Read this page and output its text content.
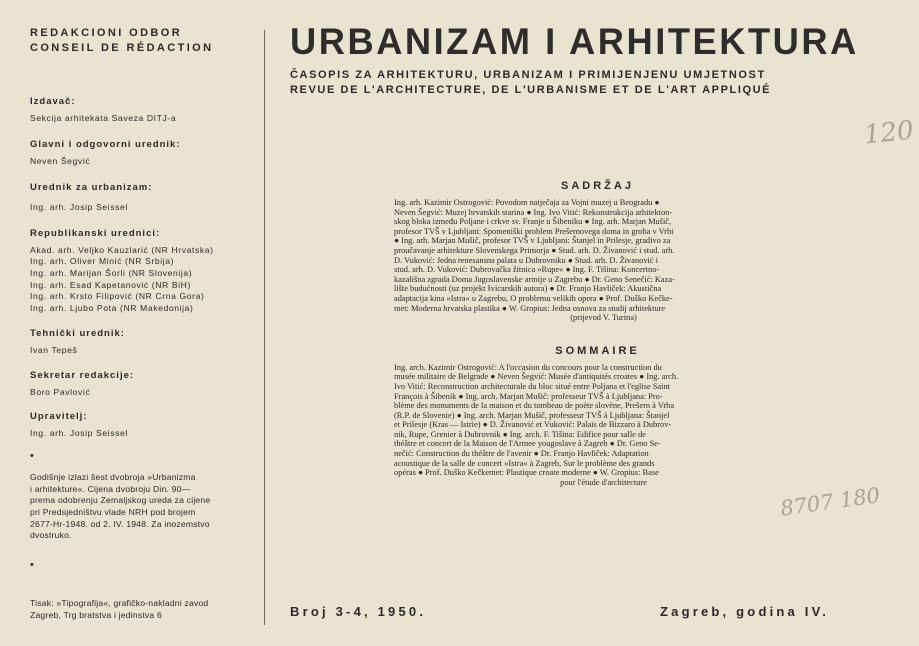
REDAKCIONI ODBOR
CONSEIL DE RÉDACTION
Izdavač:
Sekcija arhitekata Saveza DITJ-a
Glavni i odgovorni urednik:
Neven Šegvić
Urednik za urbanizam:
Ing. arh. Josip Seissel
Republikanski urednici:
Akad. arh. Veljko Kauzlarić (NR Hrvatska)
Ing. arh. Oliver Minić (NR Srbija)
Ing. arh. Marijan Šorli (NR Slovenija)
Ing. arh. Esad Kapetanović (NR BiH)
Ing. arh. Krsto Filipović (NR Crna Gora)
Ing. arh. Ljubo Pota (NR Makedonija)
Tehnički urednik:
Ivan Tepeš
Sekretar redakcije:
Boro Pavlović
Upravitelj:
Ing. arh. Josip Seissel
•
Godišnje izlazi šest dvobroja »Urbanizma
i arhitekture«. Cijena dvobroju Din. 90—
prema odobrenju Zemaljskog ureda za cijene
pri Predsjedništvu vlade NRH pod brojem
2677-Hr-1948. od 2. IV. 1948. Za inozemstvo
dvostruko.
•
Tisak: »Tipografija«, grafičko-nakladni zavod
Zagreb, Trg bratstva i jedinstva 6
URBANIZAM I ARHITEKTURA
ČASOPIS ZA ARHITEKTURU, URBANIZAM I PRIMIJENJENU UMJETNOST
REVUE DE L'ARCHITECTURE, DE L'URBANISME ET DE L'ART APPLIQUÉ
SADRŽAJ
Ing. arh. Kazimir Ostrogović: Povodom natječaja za Vojni muzej u Beogradu ●
Neven Šegvić: Muzej hrvatskih starina ● Ing. Ivo Vitić: Rekonstrukcija arhitekton-
skog bloka između Poljane i crkve sv. Franje u Šibeniku ● Ing. arh. Marjan Mušič,
profesor TVŠ v Ljubljani: Spomeniški problem Prešernovega doma in groba v Vrbi
● Ing. arh. Marjan Mušič, profesor TVŠ v Ljubljani: Štanjel in Prilesje, gradivo za
proučavanje arhitekture Slovenskega Primorja ● Stud. arh. D. Živanović i stud. arh.
D. Vuković: Jedna renesansna palata u Dubrovniku ● Stud. arh. D. Živanović i
stud. arh. D. Vuković: Dubrovačka žitnica »Rupe« ● Ing. F. Tišina: Koncertno-
kazališna zgrada Doma Jugoslavenske armije u Zagrebu ● Dr. Geno Senečić: Kaza-
lište budućnosti (uz projekt švicarskih autora) ● Dr. Franjo Havliček: Akustična
adaptacija kina »Istra« u Zagrebu, O problemu velikih opera ● Prof. Duško Kečke-
met: Moderna hrvatska plastika ● W. Gropius: Jedna osnova za studij arhitekture
(prijevod V. Turina)
SOMMAIRE
Ing. arch. Kazimir Ostrogović: A l'occasion du concours pour la construction du
musée militaire de Belgrade ● Neven Šegvić: Musée d'antiquités croates ● Ing. arch.
Ivo Vitić: Reconstruction architecturale du bloc situé entre Poljana et l'eglise Saint
François à Šibenik ● Ing. arch. Marjan Mušič: professeur TVŠ à Ljubljana: Pro-
blème des monuments de la maison et du tombeau de poète slovène, Prešern à Vrba
(R.P. de Slovenie) ● Ing. arch. Marjan Mušič, professeur TVŠ à Ljubljana: Štanjel
et Prilesje (Kras — Istrie) ● D. Živanović et Vuković: Palais de Bizzaro à Dubrov-
nik, Rupe, Grenier à Dubrovnik ● Ing. arch. F. Tišina: Edifice pour salle de
théâtre et concert de la Maison de l'Armee yougoslave à Zagreb ● Dr. Geno Se-
nečić: Construction du théâtre de l'avenir ● Dr. Franjo Havliček: Adaptation
acoustique de la salle de concert »Istra« à Zagreb, Sur le problème des grands
opéras ● Prof. Duško Kečkemet: Plastique croate moderne ● W. Gropius: Base
pour l'étude d'architecture
Broj 3-4, 1950.	Zagreb, godina IV.
120
8707 180
